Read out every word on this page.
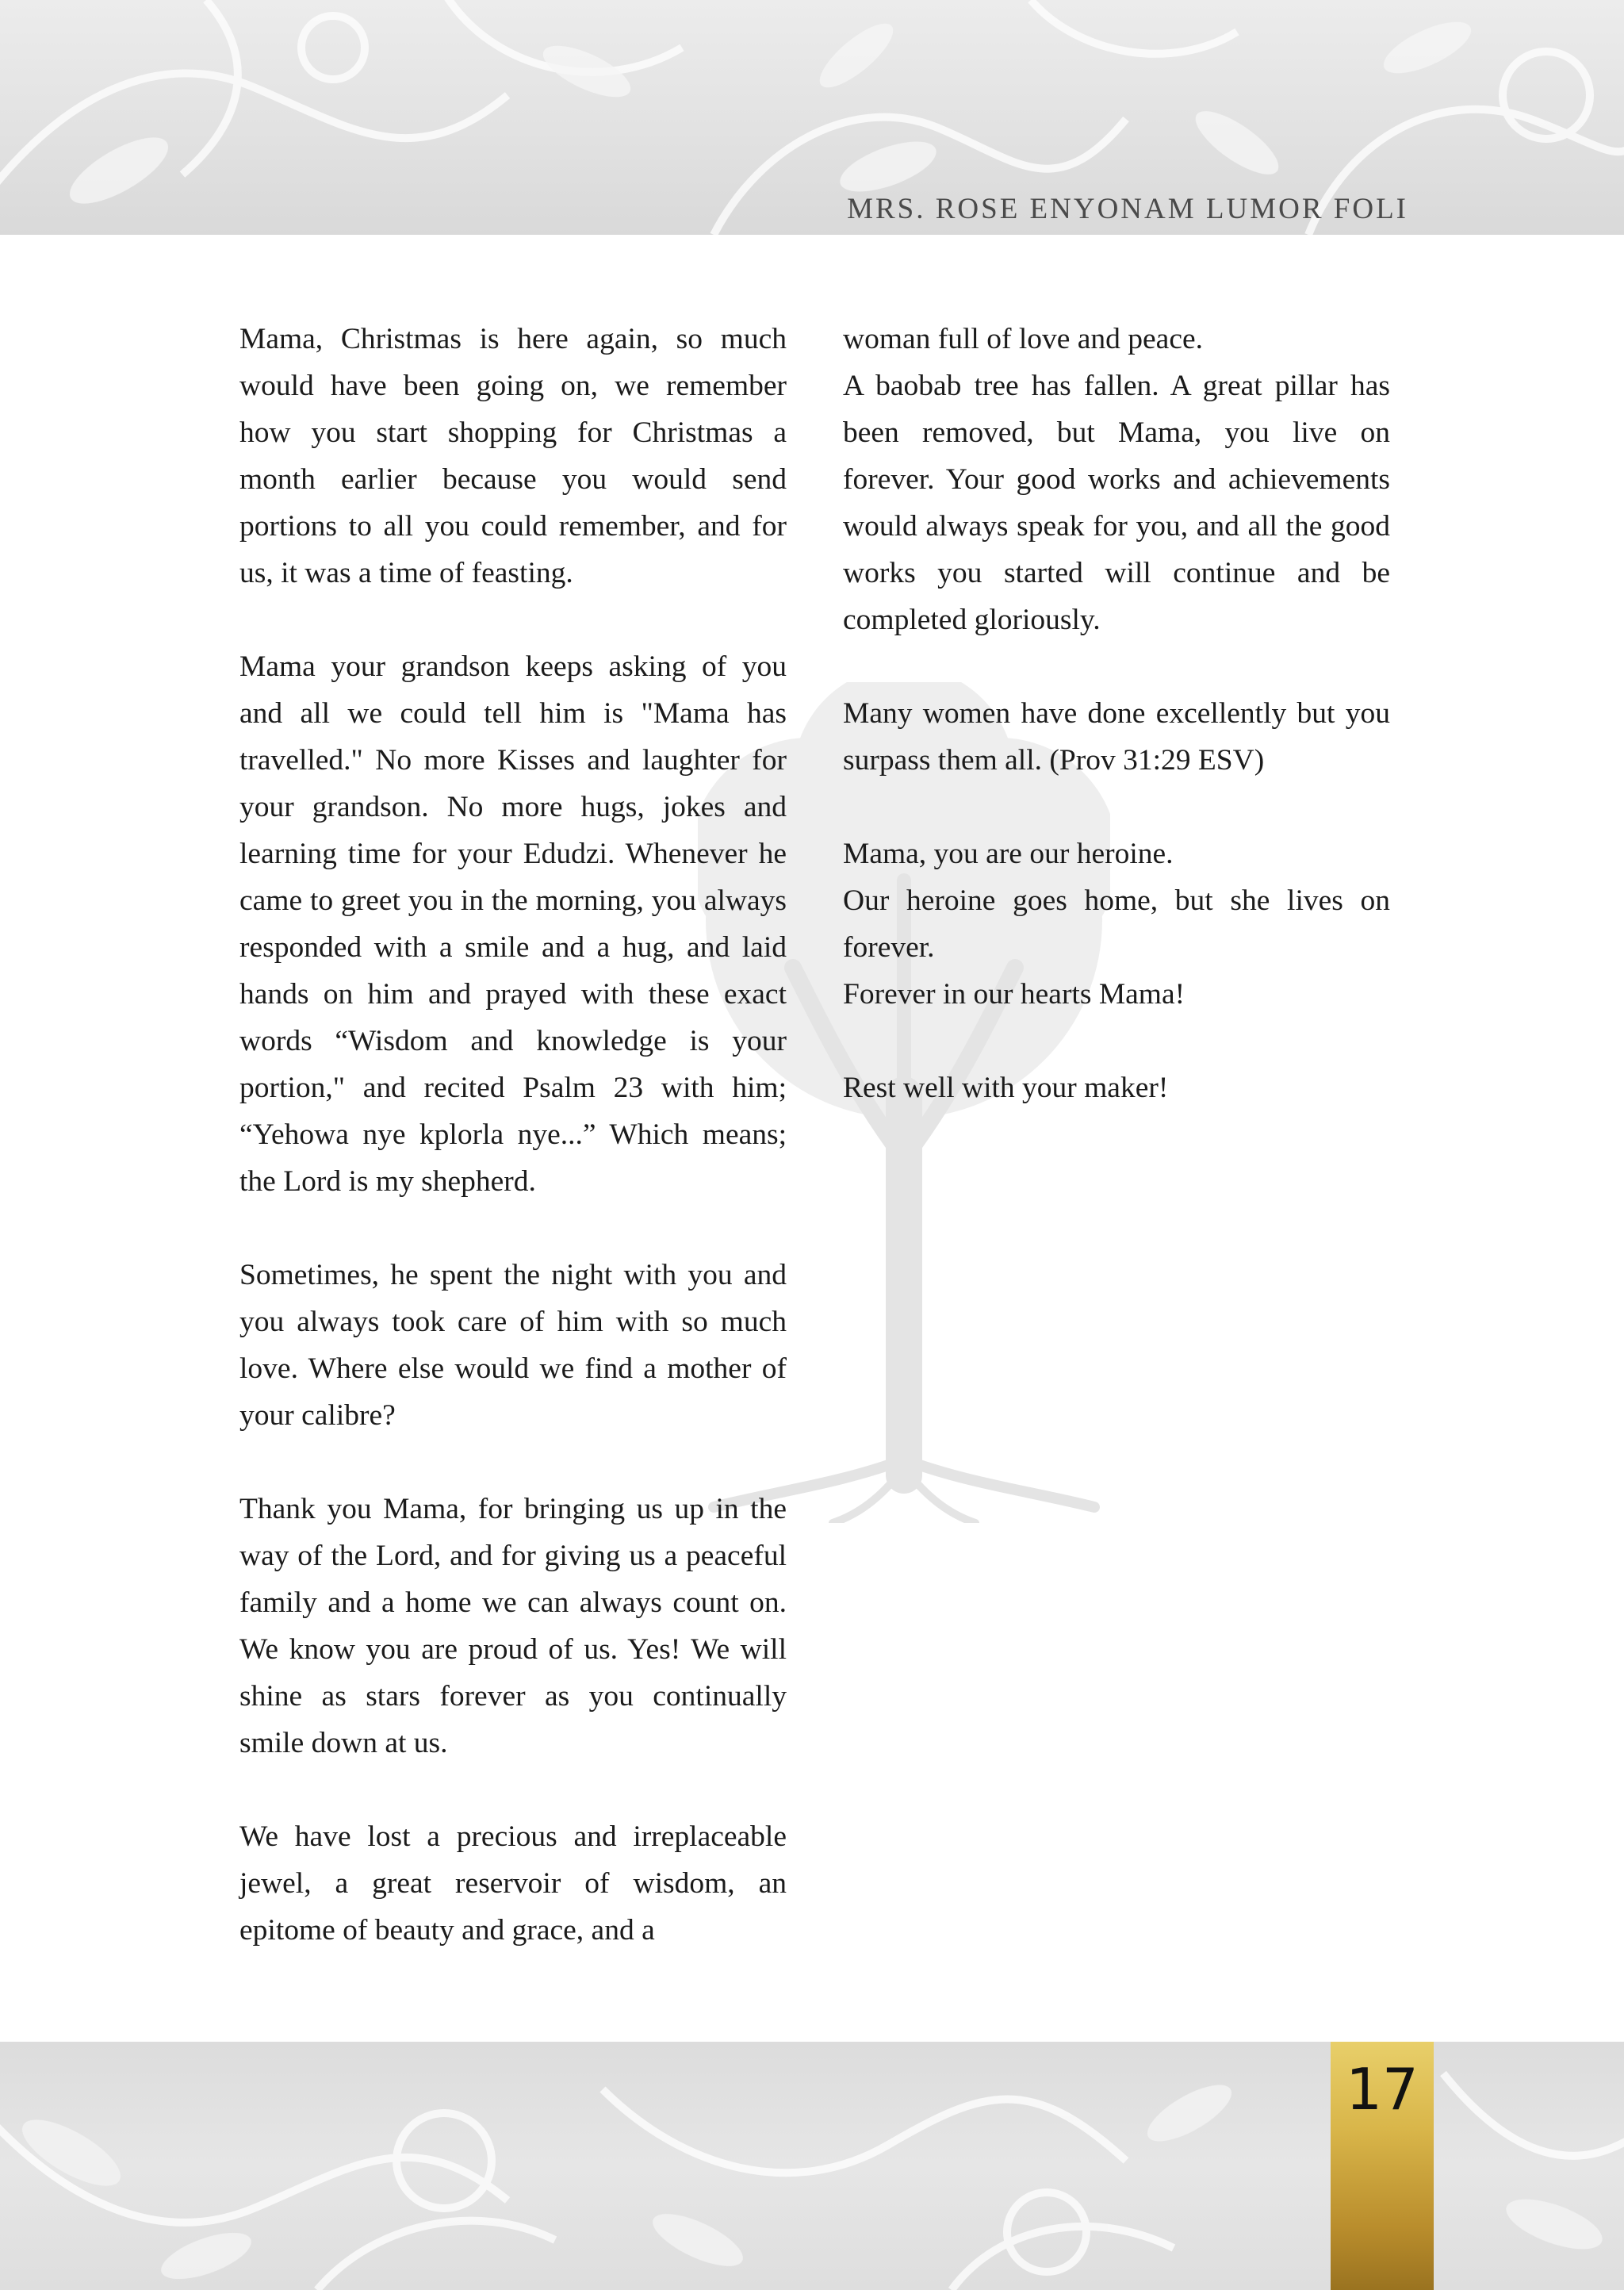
MRS. ROSE ENYONAM LUMOR FOLI

Mama, Christmas is here again, so much would have been going on, we remember how you start shopping for Christmas a month earlier because you would send portions to all you could remember, and for us, it was a time of feasting.

Mama your grandson keeps asking of you and all we could tell him is "Mama has travelled." No more Kisses and laughter for your grandson. No more hugs, jokes and learning time for your Edudzi. Whenever he came to greet you in the morning, you always responded with a smile and a hug, and laid hands on him and prayed with these exact words “Wisdom and knowledge is your portion," and recited Psalm 23 with him; “Yehowa nye kplorla nye...” Which means; the Lord is my shepherd.

Sometimes, he spent the night with you and you always took care of him with so much love. Where else would we find a mother of your calibre?

Thank you Mama, for bringing us up in the way of the Lord, and for giving us a peaceful family and a home we can always count on. We know you are proud of us. Yes! We will shine as stars forever as you continually smile down at us.

We have lost a precious and irreplaceable jewel, a great reservoir of wisdom, an epitome of beauty and grace, and a

woman full of love and peace.

A baobab tree has fallen. A great pillar has been removed, but Mama, you live on forever. Your good works and achievements would always speak for you, and all the good works you started will continue and be completed gloriously.

Many women have done excellently but you surpass them all. (Prov 31:29 ESV)

Mama, you are our heroine.

Our heroine goes home, but she lives on forever.

Forever in our hearts Mama!

Rest well with your maker!

17
